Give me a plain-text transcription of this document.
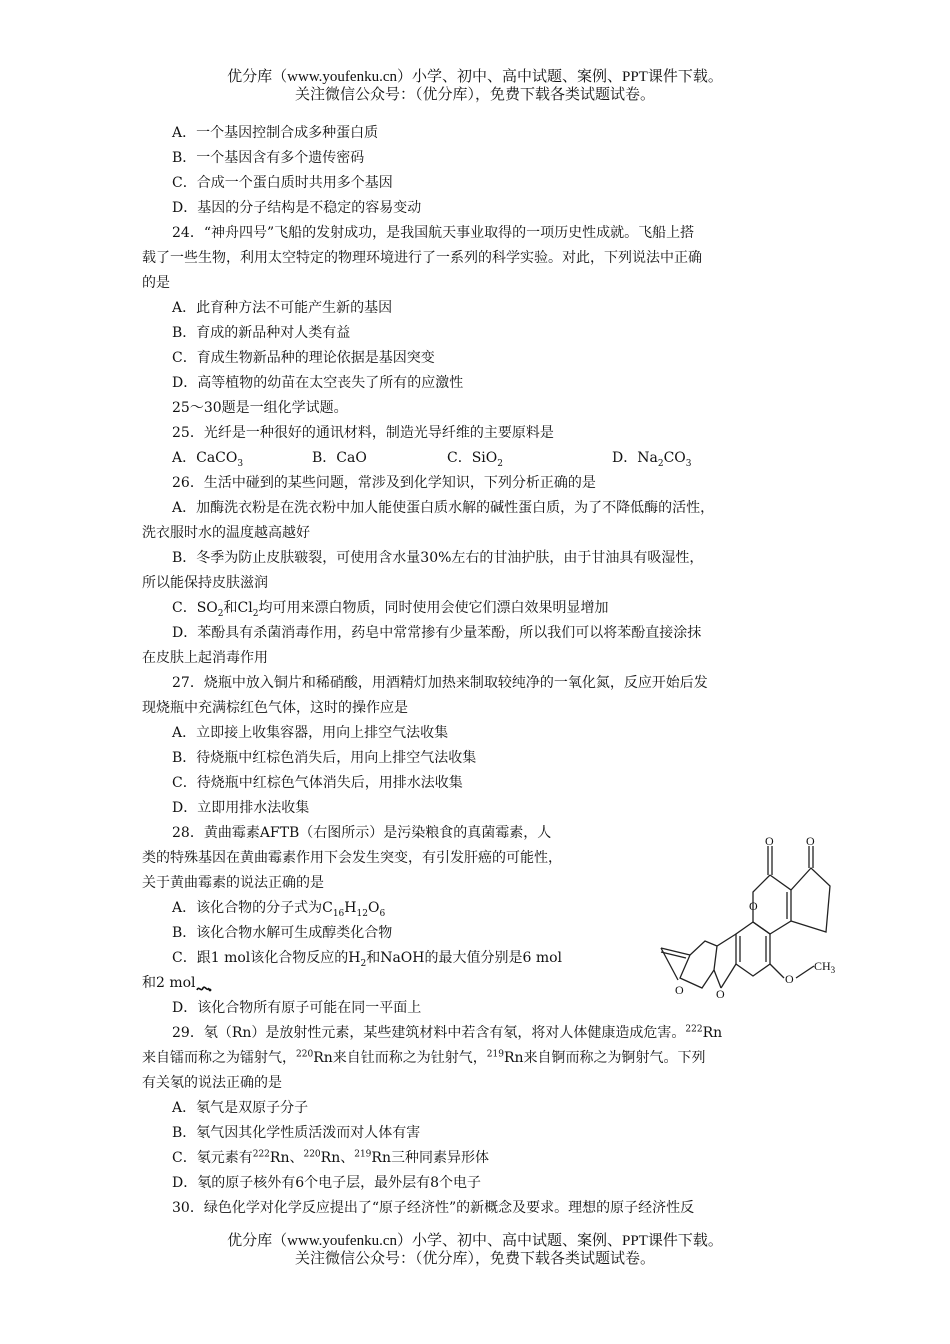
优分库（www.youfenku.cn）小学、初中、高中试题、案例、PPT课件下载。
关注微信公众号：（优分库），免费下载各类试题试卷。
A．一个基因控制合成多种蛋白质
B．一个基因含有多个遗传密码
C．合成一个蛋白质时共用多个基因
D．基因的分子结构是不稳定的容易变动
24．“神舟四号”飞船的发射成功，是我国航天事业取得的一项历史性成就。飞船上搭
载了一些生物，利用太空特定的物理环境进行了一系列的科学实验。对此，下列说法中正确
的是
A．此育种方法不可能产生新的基因
B．育成的新品种对人类有益
C．育成生物新品种的理论依据是基因突变
D．高等植物的幼苗在太空丧失了所有的应激性
25～30题是一组化学试题。
25．光纤是一种很好的通讯材料，制造光导纤维的主要原料是
A．CaCO$_3$	B．CaO	C．SiO$_2$	D．$Na_2CO_3$
26．生活中碰到的某些问题，常涉及到化学知识，下列分析正确的是
A．加酶洗衣粉是在洗衣粉中加人能使蛋白质水解的碱性蛋白质，为了不降低酶的活性，
洗衣服时水的温度越高越好
B．冬季为防止皮肤皲裂，可使用含水量30%左右的甘油护肤，由于甘油具有吸湿性，
所以能保持皮肤滋润
C．$SO_2$和$Cl_2$均可用来漂白物质，同时使用会使它们漂白效果明显增加
D．苯酚具有杀菌消毒作用，药皂中常常掺有少量苯酚，所以我们可以将苯酚直接涂抹
在皮肤上起消毒作用
27．烧瓶中放入铜片和稀硝酸，用酒精灯加热来制取较纯净的一氧化氮，反应开始后发
现烧瓶中充满棕红色气体，这时的操作应是
A．立即接上收集容器，用向上排空气法收集
B．待烧瓶中红棕色消失后，用向上排空气法收集
C．待烧瓶中红棕色气体消失后，用排水法收集
D．立即用排水法收集
28．黄曲霉素AFTB（右图所示）是污染粮食的真菌霉素，人
类的特殊基因在黄曲霉素作用下会发生突变，有引发肝癌的可能性，
关于黄曲霉素的说法正确的是
A．该化合物的分子式为$C_{16}H_{12}O_6$
B．该化合物水解可生成醇类化合物
C．跟1 mol该化合物反应的$H_2$和NaOH的最大值分别是6 mol
和2 mol
D．该化合物所有原子可能在同一平面上
29．氡（Rn）是放射性元素，某些建筑材料中若含有氡，将对人体健康造成危害。$^{222}$Rn
来自镭而称之为镭射气，$^{220}$Rn来自钍而称之为钍射气，$^{219}$Rn来自锕而称之为锕射气。下列
有关氡的说法正确的是
A．氡气是双原子分子
B．氡气因其化学性质活泼而对人体有害
C．氡元素有$^{222}$Rn、$^{220}$Rn、$^{219}$Rn三种同素异形体
D．氡的原子核外有6个电子层，最外层有8个电子
30．绿色化学对化学反应提出了“原子经济性”的新概念及要求。理想的原子经济性反
O	O
O
O
O
O
$CH_3$
优分库（www.youfenku.cn）小学、初中、高中试题、案例、PPT课件下载。
关注微信公众号：（优分库），免费下载各类试题试卷。
